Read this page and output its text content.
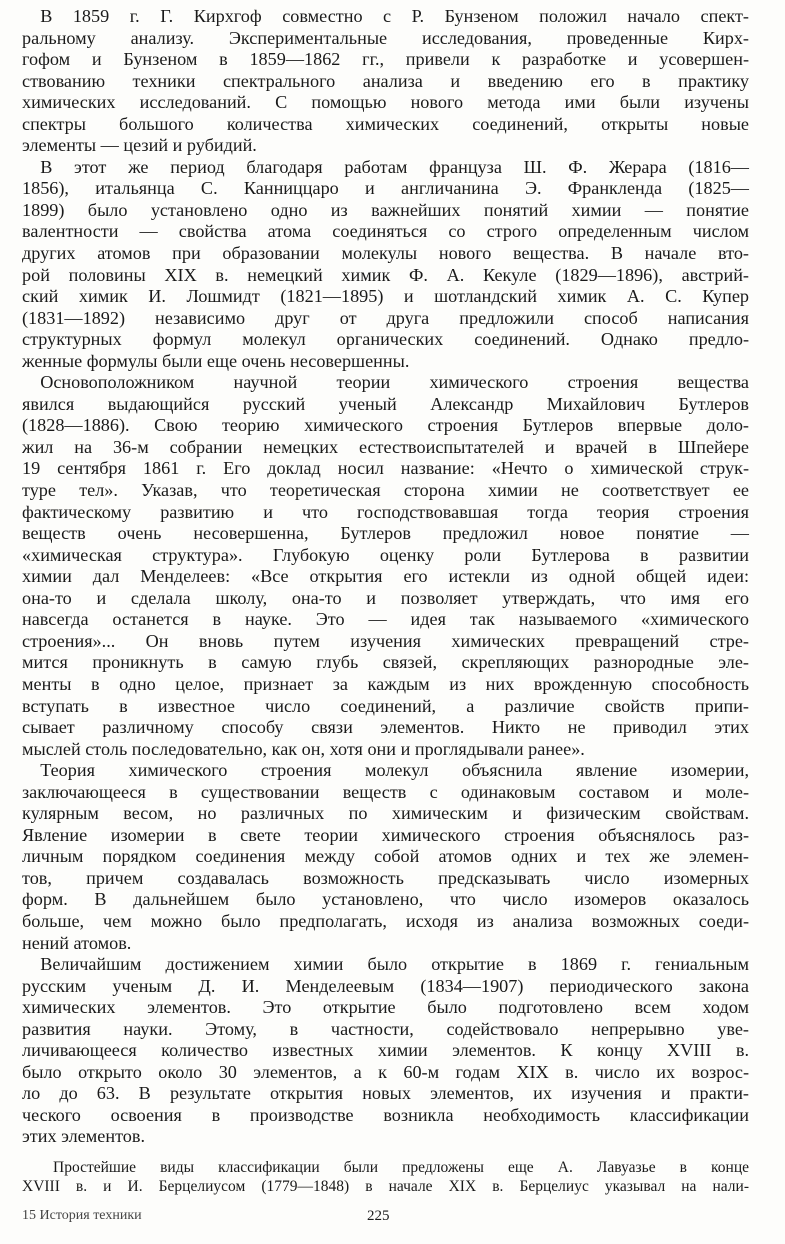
 В 1859 г. Г. Кирхгоф совместно с Р. Бунзеном положил начало спект-
ральному анализу. Экспериментальные исследования, проведенные Кирх-
гофом и Бунзеном в 1859—1862 гг., привели к разработке и усовершен-
ствованию техники спектрального анализа и введению его в практику
химических исследований. С помощью нового метода ими были изучены
спектры большого количества химических соединений, открыты новые
элементы — цезий и рубидий.

 В этот же период благодаря работам француза Ш. Ф. Жерара (1816—
1856), итальянца С. Канниццаро и англичанина Э. Франкленда (1825—
1899) было установлено одно из важнейших понятий химии — понятие
валентности — свойства атома соединяться со строго определенным числом
других атомов при образовании молекулы нового вещества. В начале вто-
рой половины XIX в. немецкий химик Ф. А. Кекуле (1829—1896), австрий-
ский химик И. Лошмидт (1821—1895) и шотландский химик А. С. Купер
(1831—1892) независимо друг от друга предложили способ написания
структурных формул молекул органических соединений. Однако предло-
женные формулы были еще очень несовершенны.

 Основоположником научной теории химического строения вещества
явился выдающийся русский ученый Александр Михайлович Бутлеров
(1828—1886). Свою теорию химического строения Бутлеров впервые доло-
жил на 36-м собрании немецких естествоиспытателей и врачей в Шпейере
19 сентября 1861 г. Его доклад носил название: «Нечто о химической струк-
туре тел». Указав, что теоретическая сторона химии не соответствует ее
фактическому развитию и что господствовавшая тогда теория строения
веществ очень несовершенна, Бутлеров предложил новое понятие —
«химическая структура». Глубокую оценку роли Бутлерова в развитии
химии дал Менделеев: «Все открытия его истекли из одной общей идеи:
она-то и сделала школу, она-то и позволяет утверждать, что имя его
навсегда останется в науке. Это — идея так называемого «химического
строения»... Он вновь путем изучения химических превращений стре-
мится проникнуть в самую глубь связей, скрепляющих разнородные эле-
менты в одно целое, признает за каждым из них врожденную способность
вступать в известное число соединений, а различие свойств припи-
сывает различному способу связи элементов. Никто не приводил этих
мыслей столь последовательно, как он, хотя они и проглядывали ранее».

 Теория химического строения молекул объяснила явление изомерии,
заключающееся в существовании веществ с одинаковым составом и моле-
кулярным весом, но различных по химическим и физическим свойствам.
Явление изомерии в свете теории химического строения объяснялось раз-
личным порядком соединения между собой атомов одних и тех же элемен-
тов, причем создавалась возможность предсказывать число изомерных
форм. В дальнейшем было установлено, что число изомеров оказалось
больше, чем можно было предполагать, исходя из анализа возможных соеди-
нений атомов.

 Величайшим достижением химии было открытие в 1869 г. гениальным
русским ученым Д. И. Менделеевым (1834—1907) периодического закона
химических элементов. Это открытие было подготовлено всем ходом
развития науки. Этому, в частности, содействовало непрерывно уве-
личивающееся количество известных химии элементов. К концу XVIII в.
было открыто около 30 элементов, а к 60-м годам XIX в. число их возрос-
ло до 63. В результате открытия новых элементов, их изучения и практи-
ческого освоения в производстве возникла необходимость классификации
этих элементов.

  Простейшие виды классификации были предложены еще А. Лавуазье в конце
XVIII в. и И. Берцелиусом (1779—1848) в начале XIX в. Берцелиус указывал на нали-
15 История техники	225
